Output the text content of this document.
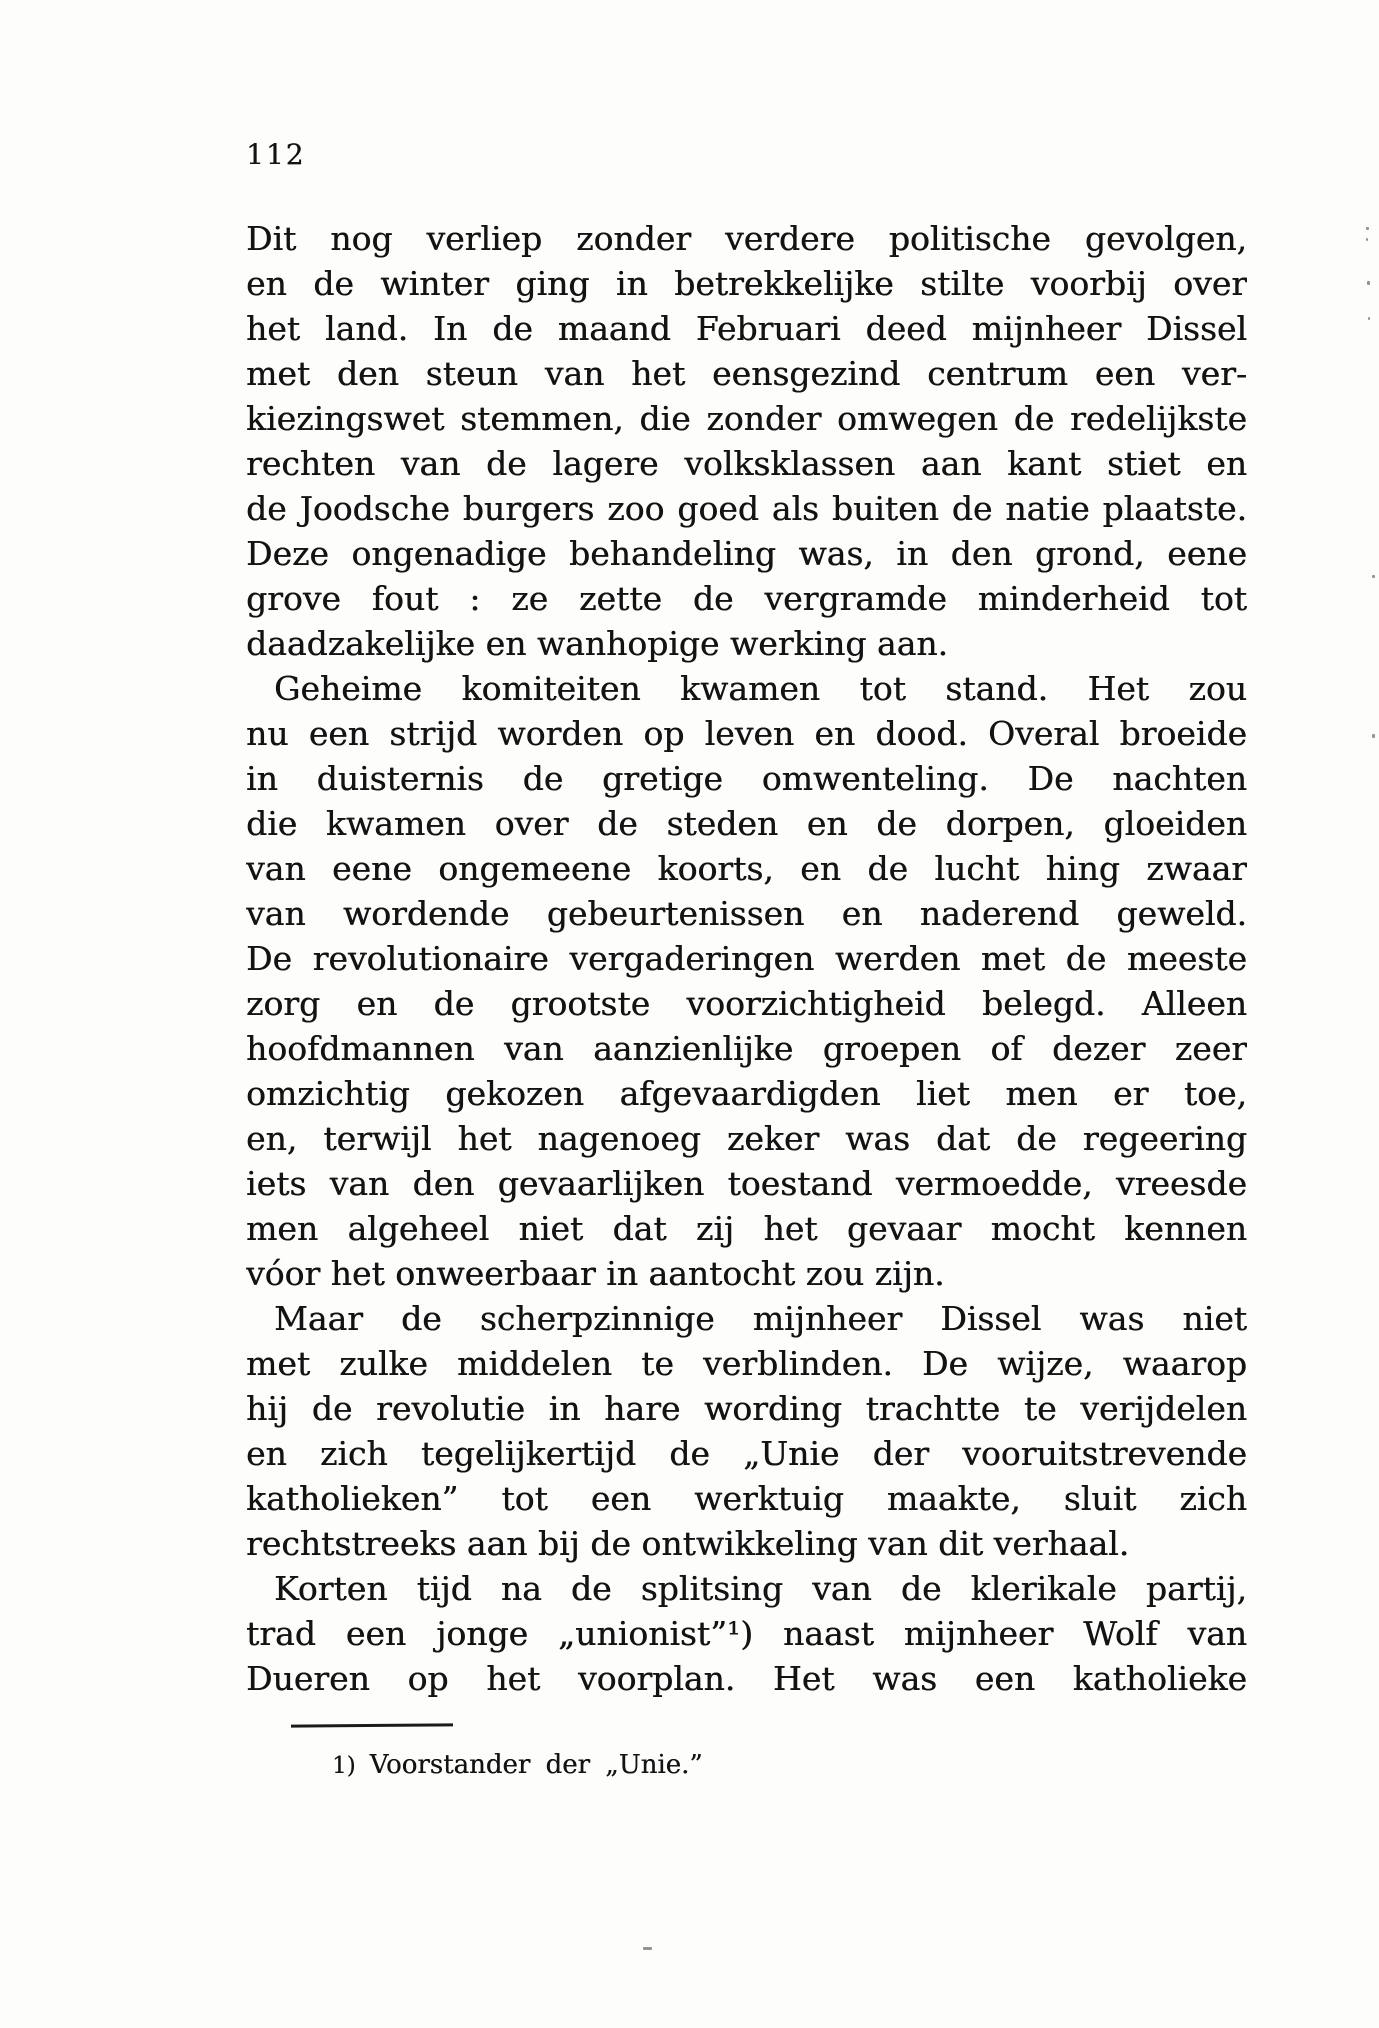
112
Dit nog verliep zonder verdere politische gevolgen,
en de winter ging in betrekkelijke stilte voorbij over
het land. In de maand Februari deed mijnheer Dissel
met den steun van het eensgezind centrum een ver-
kiezingswet stemmen, die zonder omwegen de redelijkste
rechten van de lagere volksklassen aan kant stiet en
de Joodsche burgers zoo goed als buiten de natie plaatste.
Deze ongenadige behandeling was, in den grond, eene
grove fout : ze zette de vergramde minderheid tot
daadzakelijke en wanhopige werking aan.
Geheime komiteiten kwamen tot stand. Het zou
nu een strijd worden op leven en dood. Overal broeide
in duisternis de gretige omwenteling. De nachten
die kwamen over de steden en de dorpen, gloeiden
van eene ongemeene koorts, en de lucht hing zwaar
van wordende gebeurtenissen en naderend geweld.
De revolutionaire vergaderingen werden met de meeste
zorg en de grootste voorzichtigheid belegd. Alleen
hoofdmannen van aanzienlijke groepen of dezer zeer
omzichtig gekozen afgevaardigden liet men er toe,
en, terwijl het nagenoeg zeker was dat de regeering
iets van den gevaarlijken toestand vermoedde, vreesde
men algeheel niet dat zij het gevaar mocht kennen
vóor het onweerbaar in aantocht zou zijn.
Maar de scherpzinnige mijnheer Dissel was niet
met zulke middelen te verblinden. De wijze, waarop
hij de revolutie in hare wording trachtte te verijdelen
en zich tegelijkertijd de „Unie der vooruitstrevende
katholieken” tot een werktuig maakte, sluit zich
rechtstreeks aan bij de ontwikkeling van dit verhaal.
Korten tijd na de splitsing van de klerikale partij,
trad een jonge „unionist”¹) naast mijnheer Wolf van
Dueren op het voorplan. Het was een katholieke
1) Voorstander der „Unie.”
